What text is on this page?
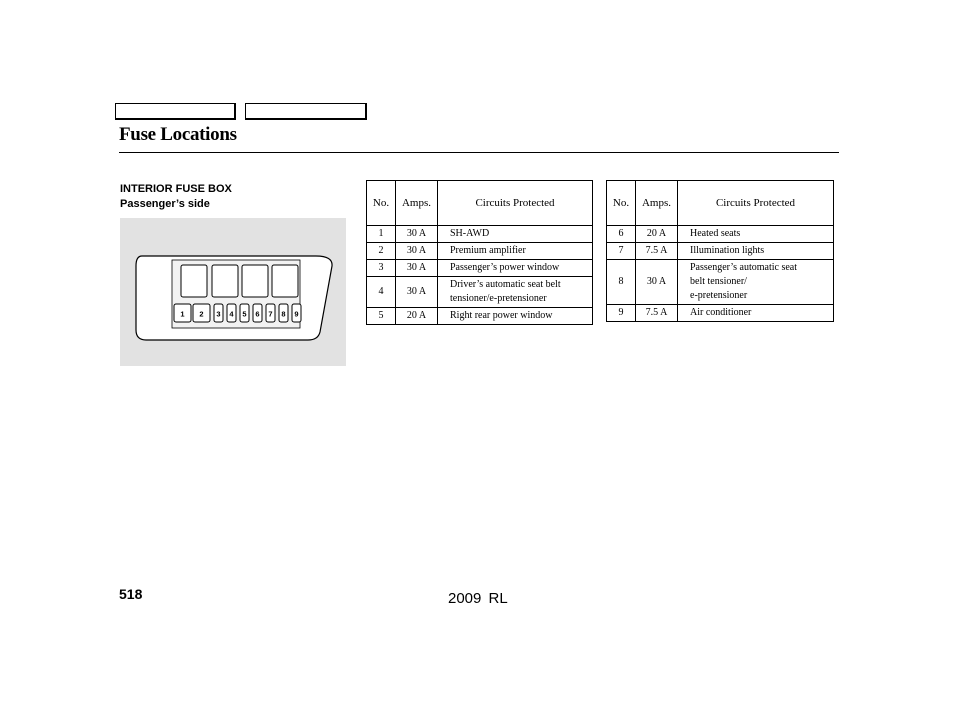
Fuse Locations
INTERIOR FUSE BOX
Passenger’s side
1 2 3 4 5 6 7 8 9
No.	Amps.	Circuits Protected
1	30 A	SH-AWD

2	30 A	Premium amplifier

3	30 A	Passenger’s power window

4	30 A	Driver’s automatic seat belt
tensioner/e-pretensioner

5	20 A	Right rear power window
No.	Amps.	Circuits Protected
6	20 A	Heated seats

7	7.5 A	Illumination lights

8	30 A	Passenger’s automatic seat
belt tensioner/
e-pretensioner

9	7.5 A	Air conditioner
518	2009 RL
